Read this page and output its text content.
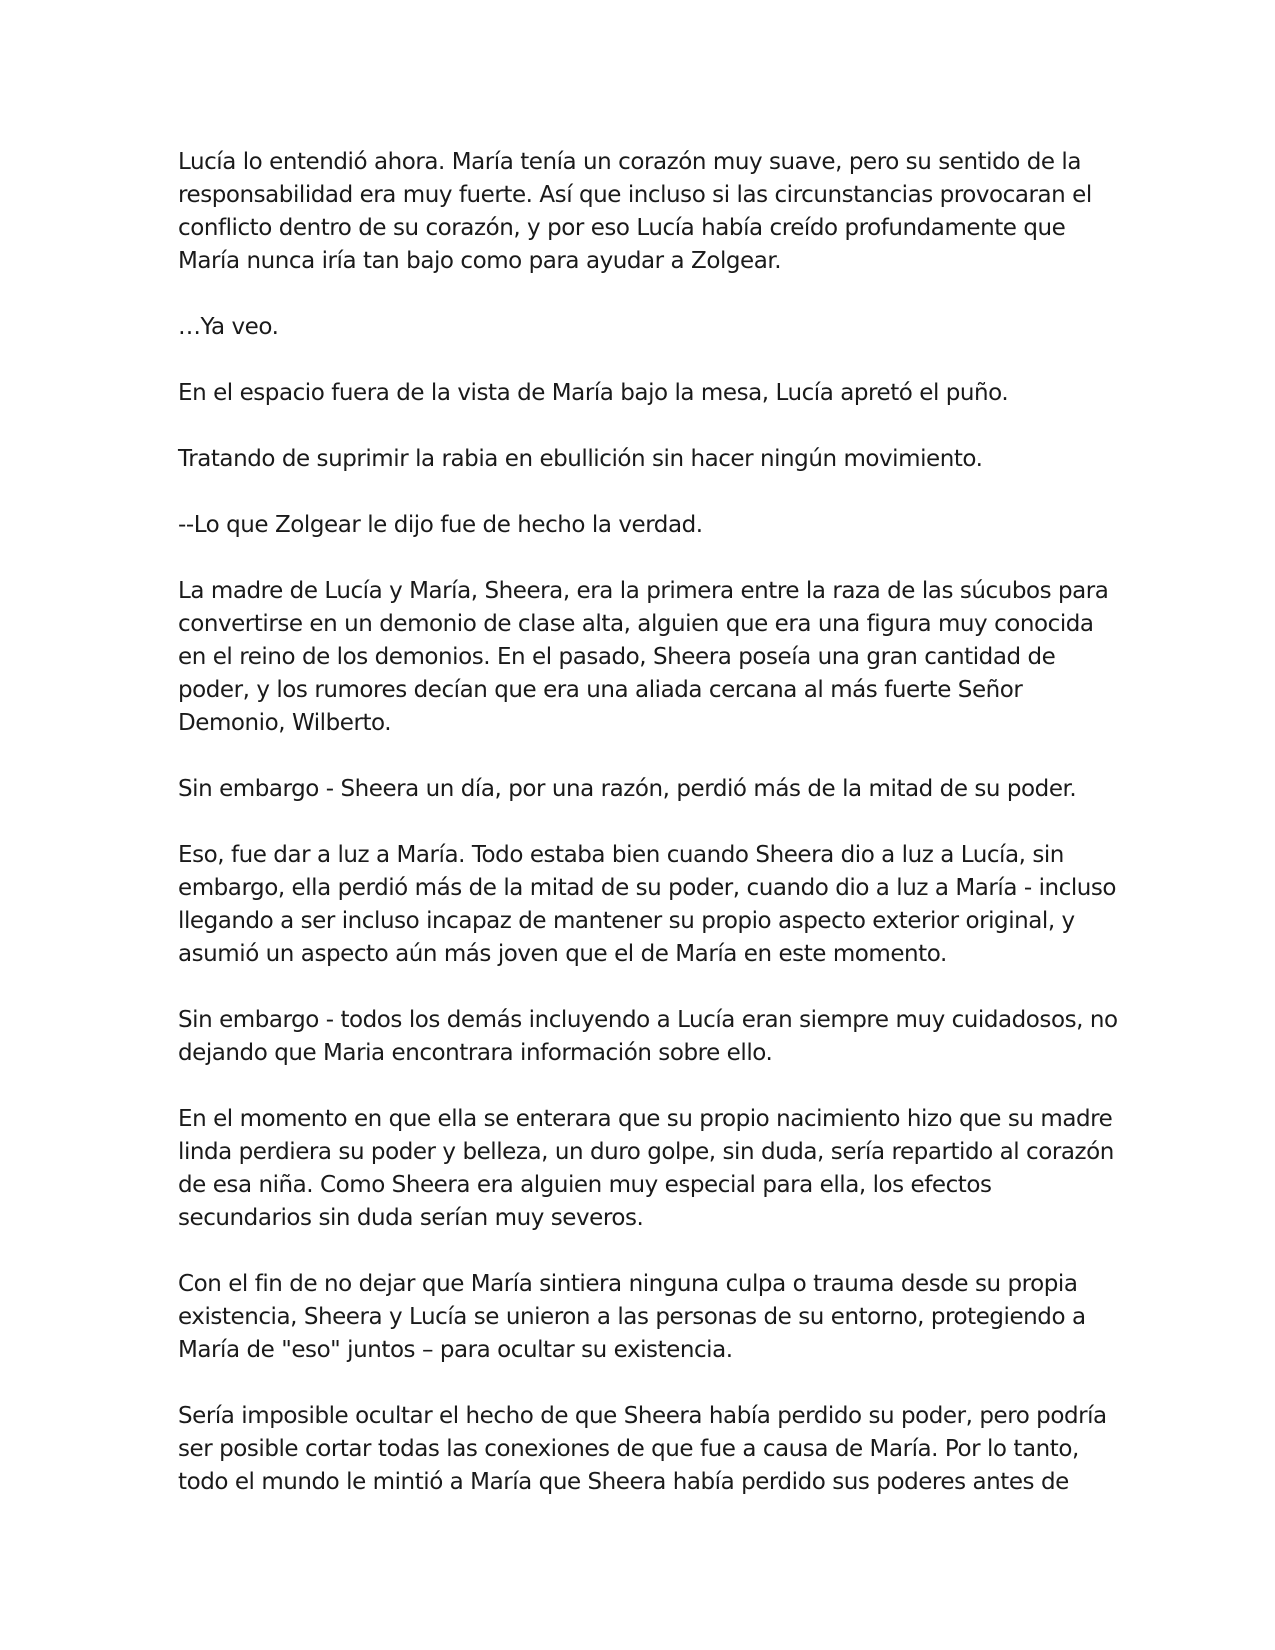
Lucía lo entendió ahora. María tenía un corazón muy suave, pero su sentido de la responsabilidad era muy fuerte. Así que incluso si las circunstancias provocaran el conflicto dentro de su corazón, y por eso Lucía había creído profundamente que María nunca iría tan bajo como para ayudar a Zolgear.

…Ya veo.

En el espacio fuera de la vista de María bajo la mesa, Lucía apretó el puño.

Tratando de suprimir la rabia en ebullición sin hacer ningún movimiento.

--Lo que Zolgear le dijo fue de hecho la verdad.

La madre de Lucía y María, Sheera, era la primera entre la raza de las súcubos para convertirse en un demonio de clase alta, alguien que era una figura muy conocida en el reino de los demonios. En el pasado, Sheera poseía una gran cantidad de poder, y los rumores decían que era una aliada cercana al más fuerte Señor Demonio, Wilberto.

Sin embargo - Sheera un día, por una razón, perdió más de la mitad de su poder.

Eso, fue dar a luz a María. Todo estaba bien cuando Sheera dio a luz a Lucía, sin embargo, ella perdió más de la mitad de su poder, cuando dio a luz a María - incluso llegando a ser incluso incapaz de mantener su propio aspecto exterior original, y asumió un aspecto aún más joven que el de María en este momento.

Sin embargo - todos los demás incluyendo a Lucía eran siempre muy cuidadosos, no dejando que Maria encontrara información sobre ello.

En el momento en que ella se enterara que su propio nacimiento hizo que su madre linda perdiera su poder y belleza, un duro golpe, sin duda, sería repartido al corazón de esa niña. Como Sheera era alguien muy especial para ella, los efectos secundarios sin duda serían muy severos.

Con el fin de no dejar que María sintiera ninguna culpa o trauma desde su propia existencia, Sheera y Lucía se unieron a las personas de su entorno, protegiendo a María de "eso" juntos – para ocultar su existencia.

Sería imposible ocultar el hecho de que Sheera había perdido su poder, pero podría ser posible cortar todas las conexiones de que fue a causa de María. Por lo tanto, todo el mundo le mintió a María que Sheera había perdido sus poderes antes de
